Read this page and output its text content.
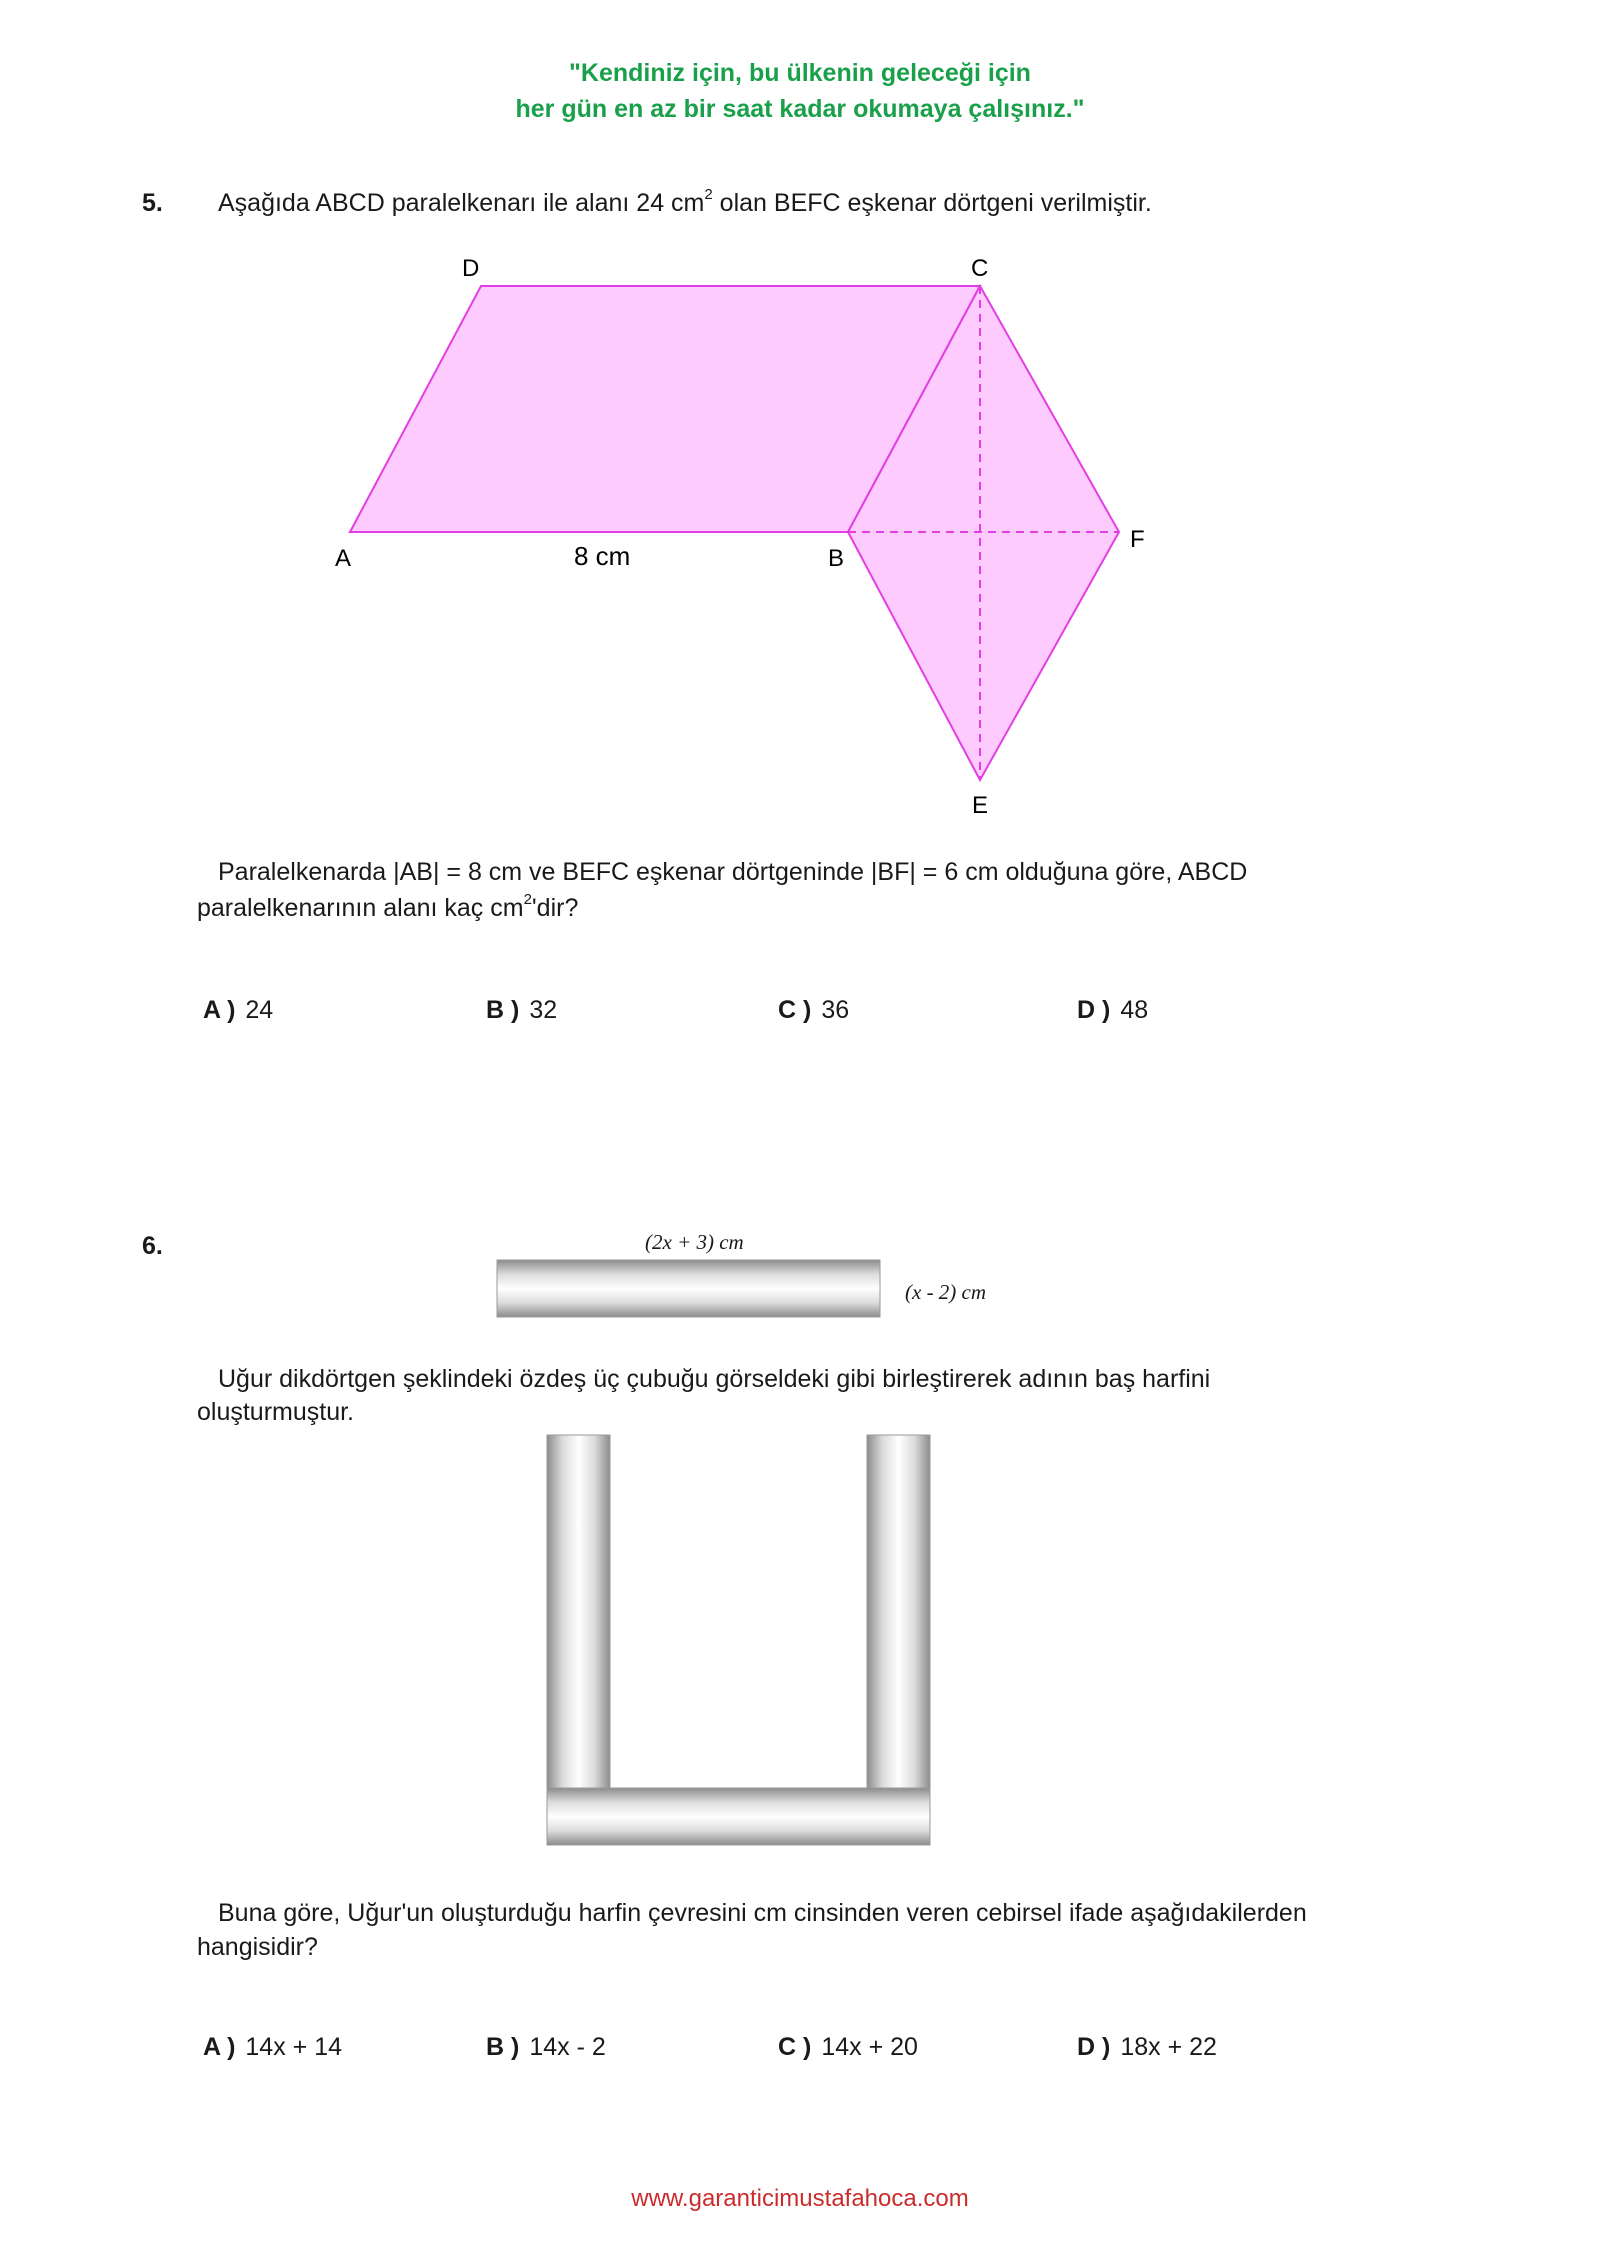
"Kendiniz için, bu ülkenin geleceği için
her gün en az bir saat kadar okumaya çalışınız."
5. Aşağıda ABCD paralelkenarı ile alanı 24 $cm^2$ olan BEFC eşkenar dörtgeni verilmiştir.
D	C
A	B
F
E
8 cm
Paralelkenarda |AB| = 8 cm ve BEFC eşkenar dörtgeninde |BF| = 6 cm olduğuna göre, ABCD
paralelkenarının alanı kaç $cm^2'dir$?
A ) 24	B ) 32	C ) 36	D ) 48
6.	(2x + 3) cm
(x - 2) cm
Uğur dikdörtgen şeklindeki özdeş üç çubuğu görseldeki gibi birleştirerek adının baş harfini
oluşturmuştur.
Buna göre, Uğur'un oluşturduğu harfin çevresini cm cinsinden veren cebirsel ifade aşağıdakilerden
hangisidir?
A ) 14x + 14	B ) 14x - 2	C ) 14x + 20	D ) 18x + 22
www.garanticimustafahoca.com
